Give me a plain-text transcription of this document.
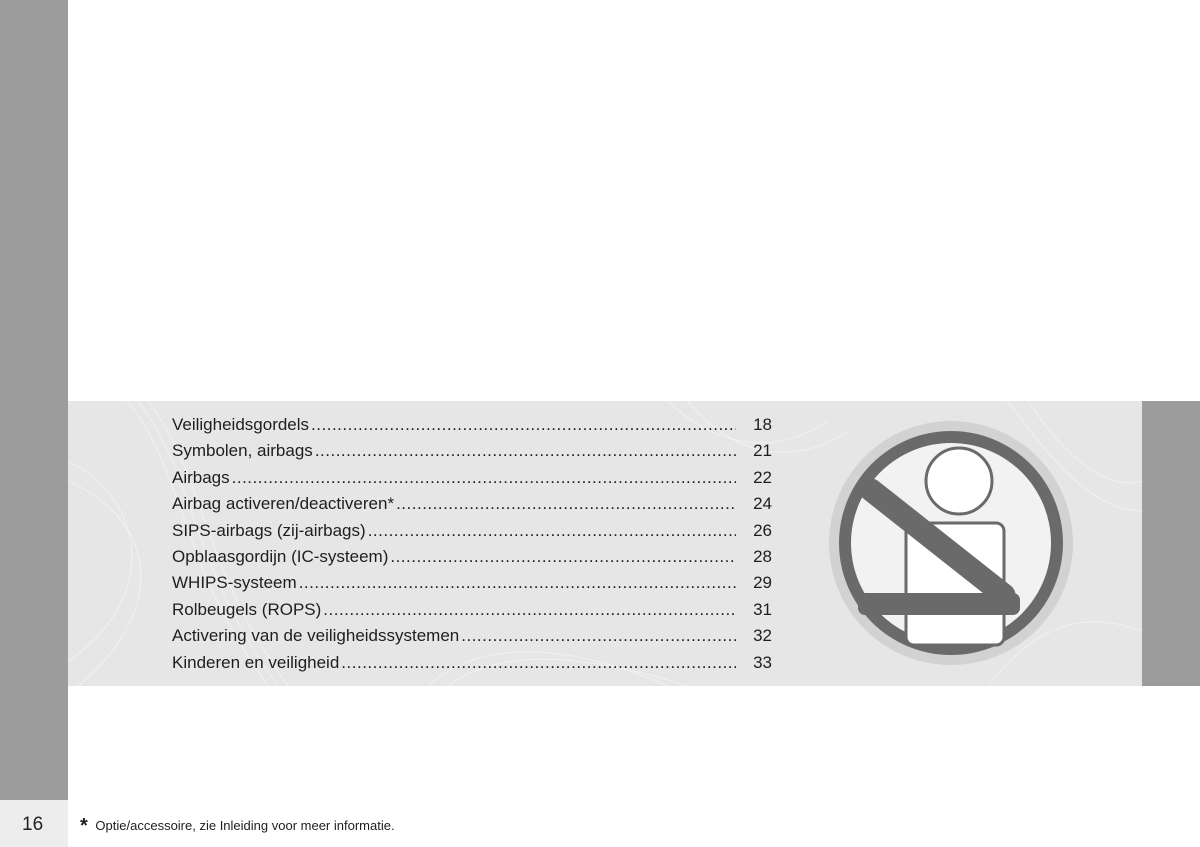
16
Veiligheidsgordels .....	18
Symbolen, airbags .....	21
Airbags .....	22
Airbag activeren/deactiveren* .....	24
SIPS-airbags (zij-airbags) .....	26
Opblaasgordijn (IC-systeem) .....	28
WHIPS-systeem .....	29
Rolbeugels (ROPS) .....	31
Activering van de veiligheidssystemen .....	32
Kinderen en veiligheid .....	33
* Optie/accessoire, zie Inleiding voor meer informatie.
